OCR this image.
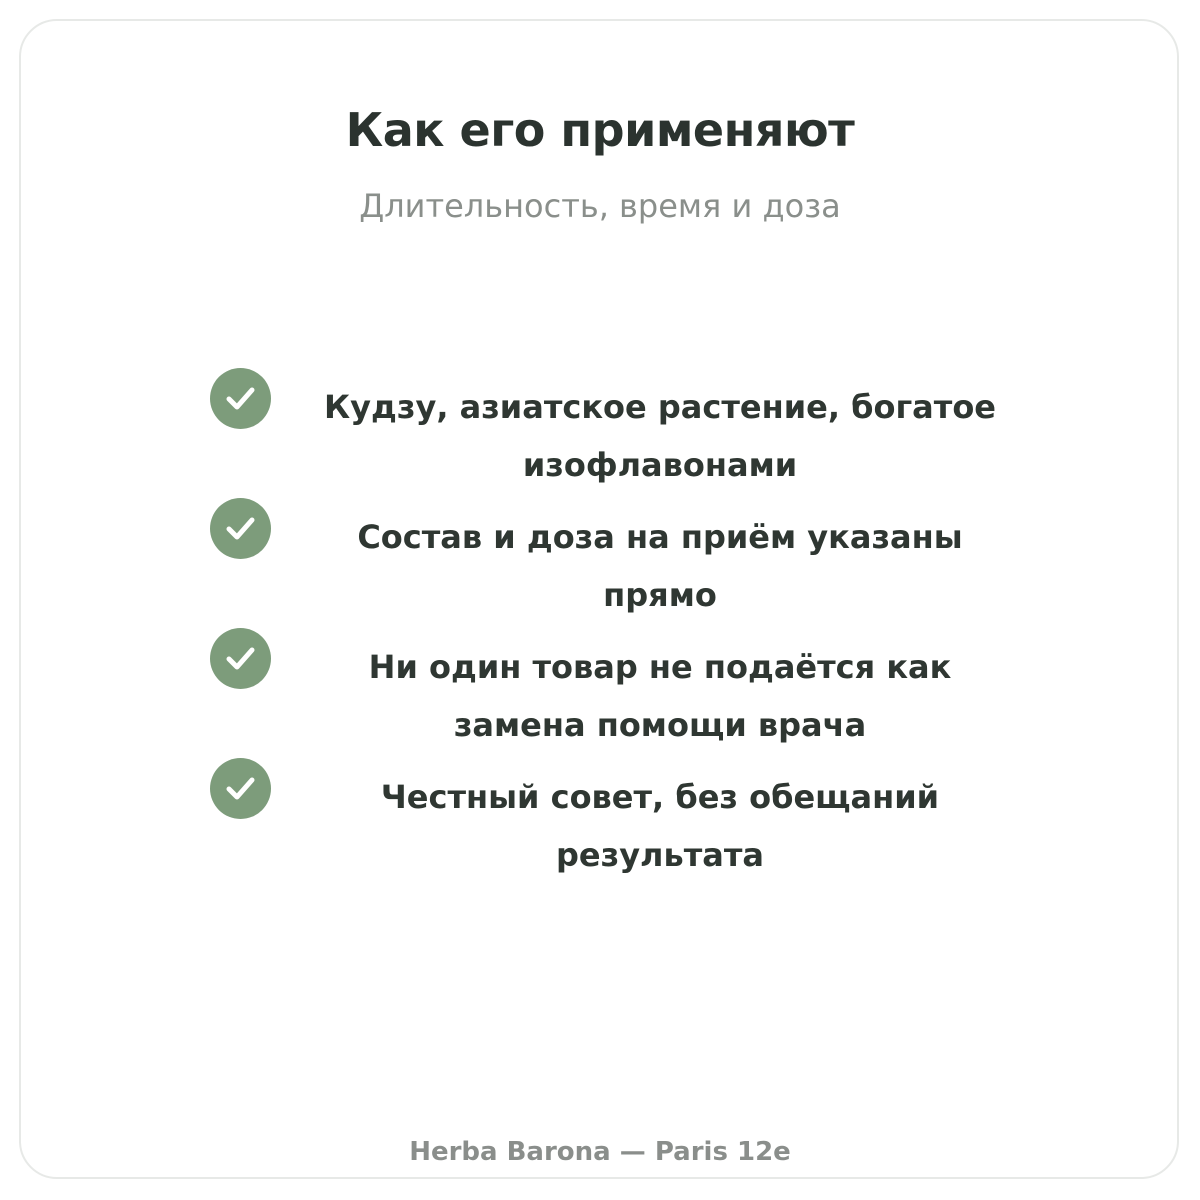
Как его применяют

Длительность, время и доза

Кудзу, азиатское растение, богатое изофлавонами

Состав и доза на приём указаны прямо

Ни один товар не подаётся как замена помощи врача

Честный совет, без обещаний результата

Herba Barona — Paris 12e
